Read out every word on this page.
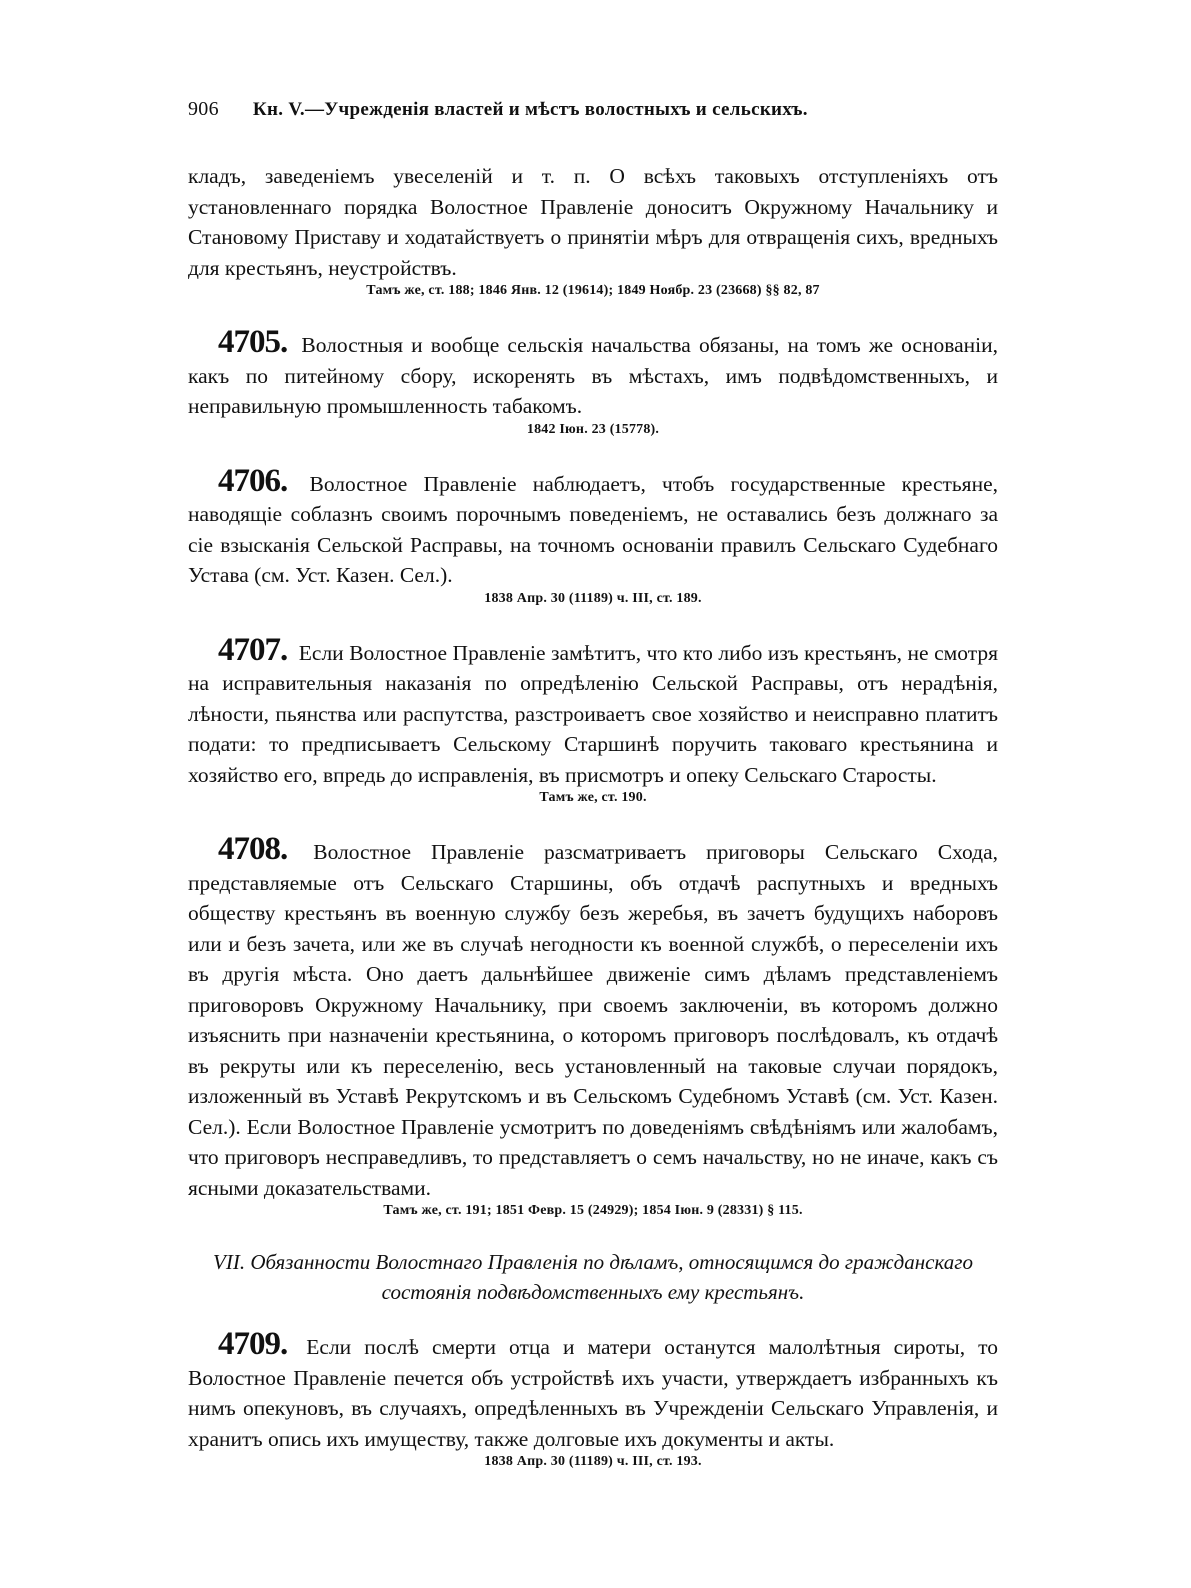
906 Кн. V.—Учрежденія властей и мѣстъ волостныхъ и сельскихъ.

кладъ, заведеніемъ увеселеній и т. п. О всѣхъ таковыхъ отступленіяхъ отъ установленнаго порядка Волостное Правленіе доноситъ Окружному Начальнику и Становому Приставу и ходатайствуетъ о принятіи мѣръ для отвращенія сихъ, вредныхъ для крестьянъ, неустройствъ.

Тамъ же, ст. 188; 1846 Янв. 12 (19614); 1849 Ноябр. 23 (23668) §§ 82, 87

4705. Волостныя и вообще сельскія начальства обязаны, на томъ же основаніи, какъ по питейному сбору, искоренять въ мѣстахъ, имъ подвѣдомственныхъ, и неправильную промышленность табакомъ.

1842 Іюн. 23 (15778).

4706. Волостное Правленіе наблюдаетъ, чтобъ государственные крестьяне, наводящіе соблазнъ своимъ порочнымъ поведеніемъ, не оставались безъ должнаго за сіе взысканія Сельской Расправы, на точномъ основаніи правилъ Сельскаго Судебнаго Устава (см. Уст. Казен. Сел.).

1838 Апр. 30 (11189) ч. III, ст. 189.

4707. Если Волостное Правленіе замѣтитъ, что кто либо изъ крестьянъ, не смотря на исправительныя наказанія по опредѣленію Сельской Расправы, отъ нерадѣнія, лѣности, пьянства или распутства, разстроиваетъ свое хозяйство и неисправно платитъ подати: то предписываетъ Сельскому Старшинѣ поручить таковаго крестьянина и хозяйство его, впредь до исправленія, въ присмотръ и опеку Сельскаго Старосты.

Тамъ же, ст. 190.

4708. Волостное Правленіе разсматриваетъ приговоры Сельскаго Схода, представляемые отъ Сельскаго Старшины, объ отдачѣ распутныхъ и вредныхъ обществу крестьянъ въ военную службу безъ жеребья, въ зачетъ будущихъ наборовъ или и безъ зачета, или же въ случаѣ негодности къ военной службѣ, о переселеніи ихъ въ другія мѣста. Оно даетъ дальнѣйшее движеніе симъ дѣламъ представленіемъ приговоровъ Окружному Начальнику, при своемъ заключеніи, въ которомъ должно изъяснить при назначеніи крестьянина, о которомъ приговоръ послѣдовалъ, къ отдачѣ въ рекруты или къ переселенію, весь установленный на таковые случаи порядокъ, изложенный въ Уставѣ Рекрутскомъ и въ Сельскомъ Судебномъ Уставѣ (см. Уст. Казен. Сел.). Если Волостное Правленіе усмотритъ по доведеніямъ свѣдѣніямъ или жалобамъ, что приговоръ несправедливъ, то представляетъ о семъ начальству, но не иначе, какъ съ ясными доказательствами.

Тамъ же, ст. 191; 1851 Февр. 15 (24929); 1854 Іюн. 9 (28331) § 115.

VII. Обязанности Волостнаго Правленія по дѣламъ, относящимся до гражданскаго состоянія подвѣдомственныхъ ему крестьянъ.

4709. Если послѣ смерти отца и матери останутся малолѣтныя сироты, то Волостное Правленіе печется объ устройствѣ ихъ участи, утверждаетъ избранныхъ къ нимъ опекуновъ, въ случаяхъ, опредѣленныхъ въ Учрежденіи Сельскаго Управленія, и хранитъ опись ихъ имуществу, также долговые ихъ документы и акты.

1838 Апр. 30 (11189) ч. III, ст. 193.
